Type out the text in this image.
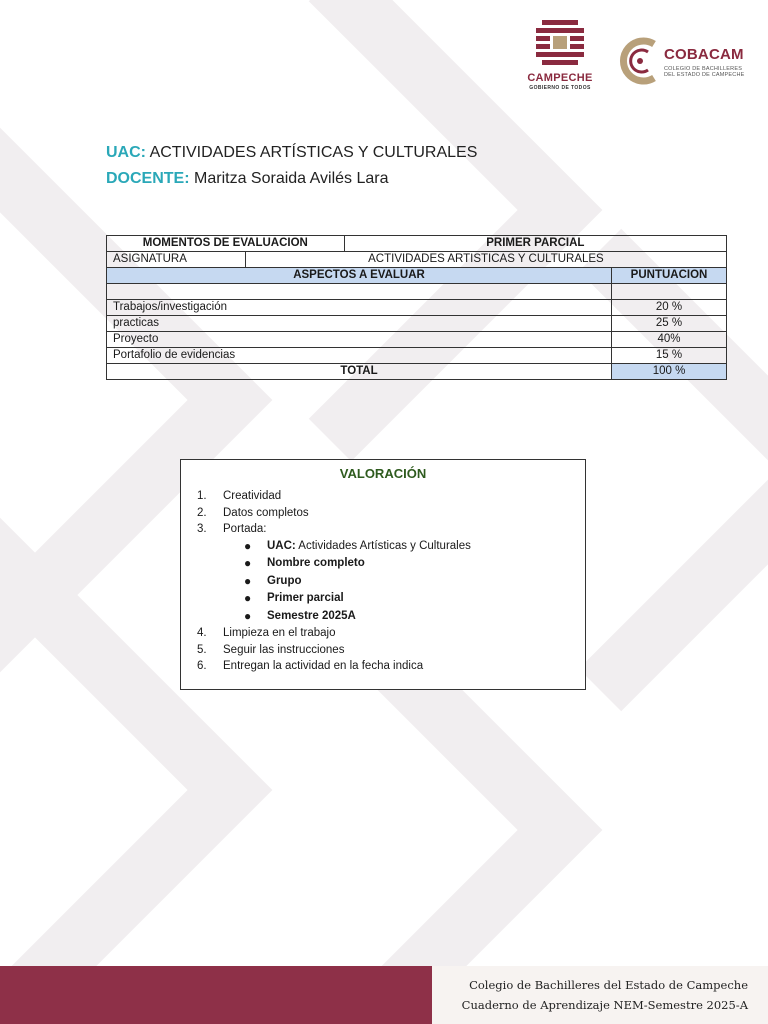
CAMPECHE
GOBIERNO DE TODOS
COBACAM
COLEGIO DE BACHILLERES
DEL ESTADO DE CAMPECHE
UAC: ACTIVIDADES ARTÍSTICAS Y CULTURALES
DOCENTE: Maritza Soraida Avilés Lara
MOMENTOS DE EVALUACION		PRIMER PARCIAL	
ASIGNATURA	ACTIVIDADES ARTISTICAS Y CULTURALES		
ASPECTOS A EVALUAR			PUNTUACION

Trabajos/investigación			20 %
practicas			25 %
Proyecto			40%
Portafolio de evidencias			15 %
TOTAL			100 %
VALORACIÓN
1. Creatividad
2. Datos completos
3. Portada:
● UAC: Actividades Artísticas y Culturales
● Nombre completo
● Grupo
● Primer parcial
● Semestre 2025A
4. Limpieza en el trabajo
5. Seguir las instrucciones
6. Entregan la actividad en la fecha indica
Colegio de Bachilleres del Estado de Campeche
Cuaderno de Aprendizaje NEM-Semestre 2025-A
